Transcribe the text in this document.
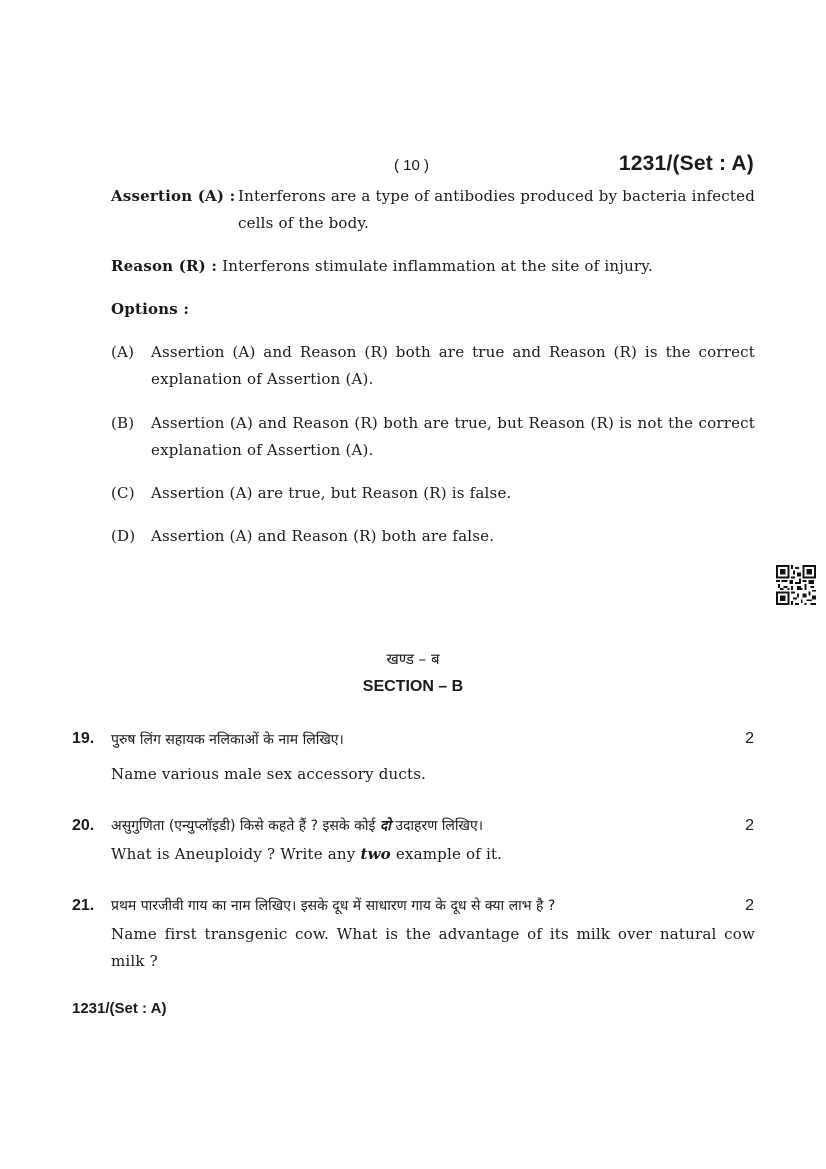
( 10 )	1231/(Set : A)
Assertion (A) : Interferons are a type of antibodies produced by bacteria infected cells of the body.
Reason (R) : Interferons stimulate inflammation at the site of injury.
Options :
(A) Assertion (A) and Reason (R) both are true and Reason (R) is the correct explanation of Assertion (A).
(B) Assertion (A) and Reason (R) both are true, but Reason (R) is not the correct explanation of Assertion (A).
(C) Assertion (A) are true, but Reason (R) is false.
(D) Assertion (A) and Reason (R) both are false.
खण्ड – ब
SECTION – B
19. पुरुष लिंग सहायक नलिकाओं के नाम लिखिए।	2
Name various male sex accessory ducts.
20. असुगुणिता (एन्युप्लॉइडी) किसे कहते हैं ? इसके कोई दो उदाहरण लिखिए।	2
What is Aneuploidy ? Write any two example of it.
21. प्रथम पारजीवी गाय का नाम लिखिए। इसके दूध में साधारण गाय के दूध से क्या लाभ है ?	2
Name first transgenic cow. What is the advantage of its milk over natural cow milk ?
1231/(Set : A)
